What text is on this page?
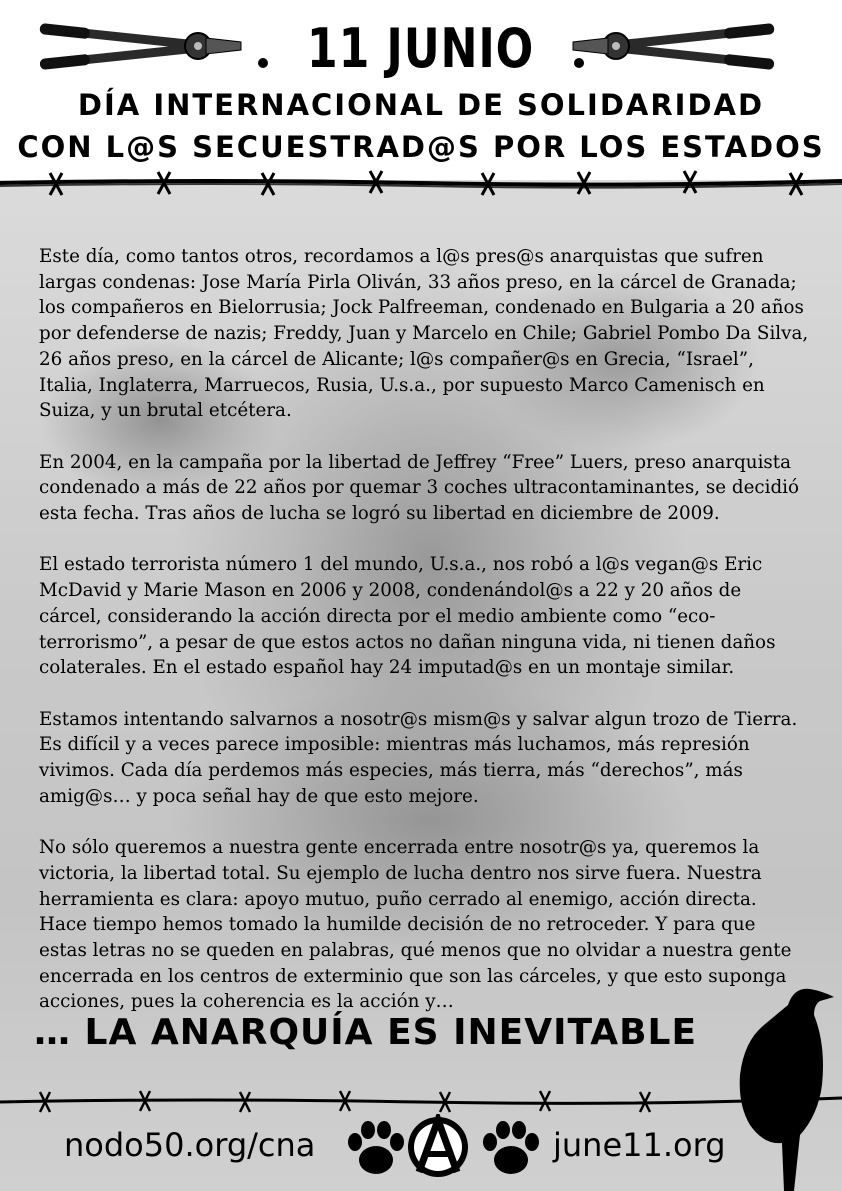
11 JUNIO
DÍA INTERNACIONAL DE SOLIDARIDAD
CON L@S SECUESTRAD@S POR LOS ESTADOS

Este día, como tantos otros, recordamos a l@s pres@s anarquistas que sufren largas condenas: Jose María Pirla Oliván, 33 años preso, en la cárcel de Granada; los compañeros en Bielorrusia; Jock Palfreeman, condenado en Bulgaria a 20 años por defenderse de nazis; Freddy, Juan y Marcelo en Chile; Gabriel Pombo Da Silva, 26 años preso, en la cárcel de Alicante; l@s compañer@s en Grecia, “Israel”, Italia, Inglaterra, Marruecos, Rusia, U.s.a., por supuesto Marco Camenisch en Suiza, y un brutal etcétera.

En 2004, en la campaña por la libertad de Jeffrey “Free” Luers, preso anarquista condenado a más de 22 años por quemar 3 coches ultracontaminantes, se decidió esta fecha. Tras años de lucha se logró su libertad en diciembre de 2009.

El estado terrorista número 1 del mundo, U.s.a., nos robó a l@s vegan@s Eric McDavid y Marie Mason en 2006 y 2008, condenándol@s a 22 y 20 años de cárcel, considerando la acción directa por el medio ambiente como “eco-terrorismo”, a pesar de que estos actos no dañan ninguna vida, ni tienen daños colaterales. En el estado español hay 24 imputad@s en un montaje similar.

Estamos intentando salvarnos a nosotr@s mism@s y salvar algun trozo de Tierra. Es difícil y a veces parece imposible: mientras más luchamos, más represión vivimos. Cada día perdemos más especies, más tierra, más “derechos”, más amig@s… y poca señal hay de que esto mejore.

No sólo queremos a nuestra gente encerrada entre nosotr@s ya, queremos la victoria, la libertad total. Su ejemplo de lucha dentro nos sirve fuera. Nuestra herramienta es clara: apoyo mutuo, puño cerrado al enemigo, acción directa. Hace tiempo hemos tomado la humilde decisión de no retroceder. Y para que estas letras no se queden en palabras, qué menos que no olvidar a nuestra gente encerrada en los centros de exterminio que son las cárceles, y que esto suponga acciones, pues la coherencia es la acción y…

… LA ANARQUÍA ES INEVITABLE
nodo50.org/cna	june11.org
